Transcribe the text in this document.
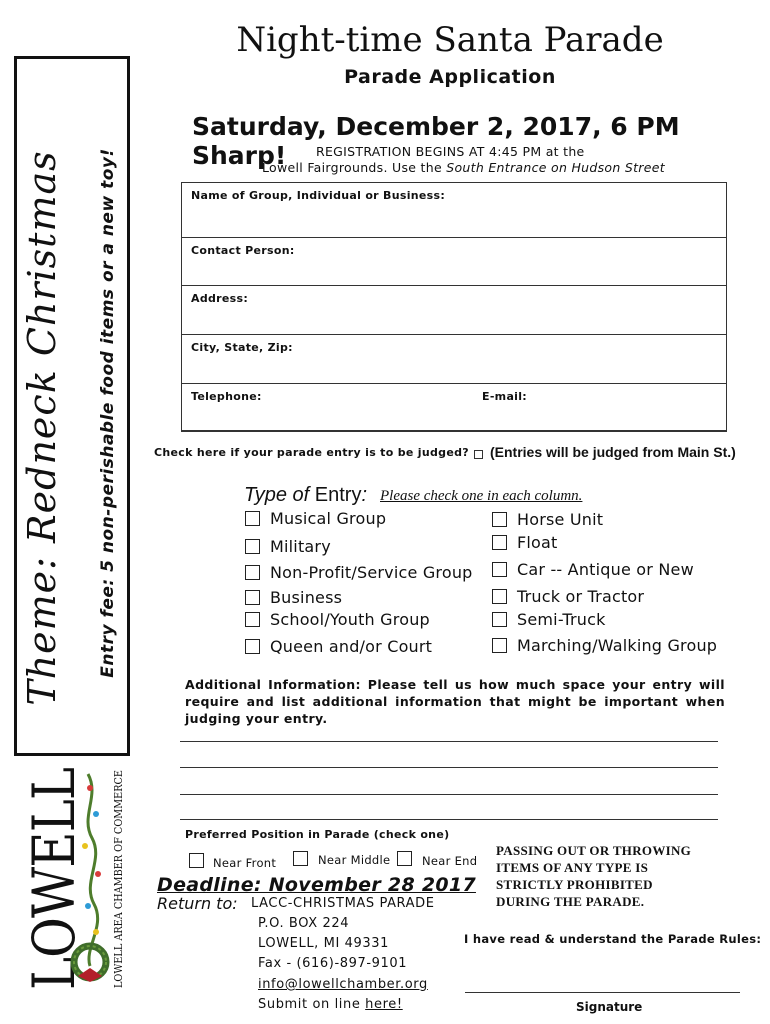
Theme: Redneck Christmas	Entry fee: 5 non-perishable food items or a new toy!
LOWELL LOWELL AREA CHAMBER OF COMMERCE
Night-time Santa Parade
Parade Application
Saturday, December 2, 2017, 6 PM Sharp!	REGISTRATION BEGINS AT 4:45 PM at the
Lowell Fairgrounds. Use the South Entrance on Hudson Street
Name of Group, Individual or Business:
Contact Person:
Address:
City, State, Zip:
Telephone:	E-mail:
Check here if your parade entry is to be judged? (Entries will be judged from Main St.)
Type of Entry: Please check one in each column.
Musical Group
Military
Non-Profit/Service Group
Business
School/Youth Group
Queen and/or Court
Horse Unit
Float
Car -- Antique or New
Truck or Tractor
Semi-Truck
Marching/Walking Group
Additional Information: Please tell us how much space your entry will require and list additional information that might be important when judging your entry.
Preferred Position in Parade (check one)
Near Front	Near Middle	Near End
PASSING OUT OR THROWING
ITEMS OF ANY TYPE IS
STRICTLY PROHIBITED
DURING THE PARADE.
Deadline: November 28 2017
Return to: LACC-CHRISTMAS PARADE
P.O. BOX 224
LOWELL, MI 49331
Fax - (616)-897-9101
info@lowellchamber.org
Submit on line here!
I have read & understand the Parade Rules:
Signature
